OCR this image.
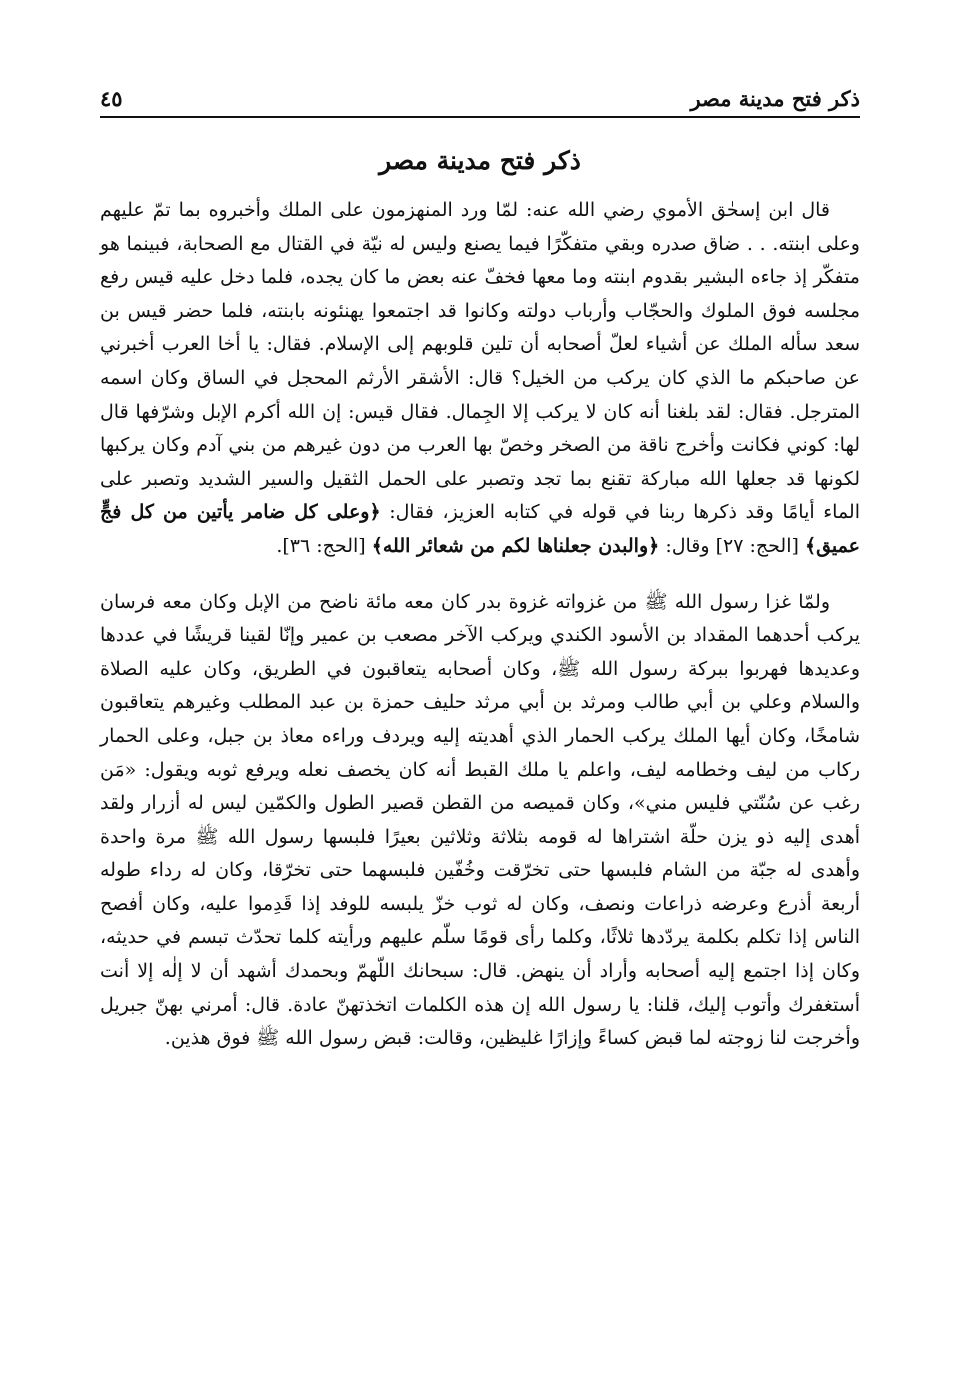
ذكر فتح مدينة مصر
٤٥
ذكر فتح مدينة مصر

قال ابن إسحٰق الأموي رضي الله عنه: لمّا ورد المنهزمون على الملك وأخبروه بما تمّ عليهم وعلى ابنته. . . ضاق صدره وبقي متفكّرًا فيما يصنع وليس له نيّة في القتال مع الصحابة، فبينما هو متفكّر إذ جاءه البشير بقدوم ابنته وما معها فخفّ عنه بعض ما كان يجده، فلما دخل عليه قيس رفع مجلسه فوق الملوك والحجّاب وأرباب دولته وكانوا قد اجتمعوا يهنئونه بابنته، فلما حضر قيس بن سعد سأله الملك عن أشياء لعلّ أصحابه أن تلين قلوبهم إلى الإسلام. فقال: يا أخا العرب أخبرني عن صاحبكم ما الذي كان يركب من الخيل؟ قال: الأشقر الأرثم المحجل في الساق وكان اسمه المترجل. فقال: لقد بلغنا أنه كان لا يركب إلا الجِمال. فقال قيس: إن الله أكرم الإبل وشرّفها قال لها: كوني فكانت وأخرج ناقة من الصخر وخصّ بها العرب من دون غيرهم من بني آدم وكان يركبها لكونها قد جعلها الله مباركة تقنع بما تجد وتصبر على الحمل الثقيل والسير الشديد وتصبر على الماء أيامًا وقد ذكرها ربنا في قوله في كتابه العزيز، فقال: ﴿وعلى كل ضامر يأتين من كل فجٍّ عميق﴾ [الحج: ٢٧] وقال: ﴿والبدن جعلناها لكم من شعائر الله﴾ [الحج: ٣٦].

ولمّا غزا رسول الله ﷺ من غزواته غزوة بدر كان معه مائة ناضح من الإبل وكان معه فرسان يركب أحدهما المقداد بن الأسود الكندي ويركب الآخر مصعب بن عمير وإنّا لقينا قريشًا في عددها وعديدها فهربوا ببركة رسول الله ﷺ، وكان أصحابه يتعاقبون في الطريق، وكان عليه الصلاة والسلام وعلي بن أبي طالب ومرثد بن أبي مرثد حليف حمزة بن عبد المطلب وغيرهم يتعاقبون شامخًا، وكان أيها الملك يركب الحمار الذي أهديته إليه ويردف وراءه معاذ بن جبل، وعلى الحمار ركاب من ليف وخطامه ليف، واعلم يا ملك القبط أنه كان يخصف نعله ويرفع ثوبه ويقول: «مَن رغب عن سُنّتي فليس مني»، وكان قميصه من القطن قصير الطول والكمّين ليس له أزرار ولقد أهدى إليه ذو يزن حلّة اشتراها له قومه بثلاثة وثلاثين بعيرًا فلبسها رسول الله ﷺ مرة واحدة وأهدى له جبّة من الشام فلبسها حتى تخرّقت وخُفّين فلبسهما حتى تخرّقا، وكان له رداء طوله أربعة أذرع وعرضه ذراعات ونصف، وكان له ثوب خزّ يلبسه للوفد إذا قَدِموا عليه، وكان أفصح الناس إذا تكلم بكلمة يردّدها ثلاثًا، وكلما رأى قومًا سلّم عليهم ورأيته كلما تحدّث تبسم في حديثه، وكان إذا اجتمع إليه أصحابه وأراد أن ينهض. قال: سبحانك اللّهمّ وبحمدك أشهد أن لا إلٰه إلا أنت أستغفرك وأتوب إليك، قلنا: يا رسول الله إن هذه الكلمات اتخذتهنّ عادة. قال: أمرني بهنّ جبريل وأخرجت لنا زوجته لما قبض كساءً وإزارًا غليظين، وقالت: قبض رسول الله ﷺ فوق هذين.
